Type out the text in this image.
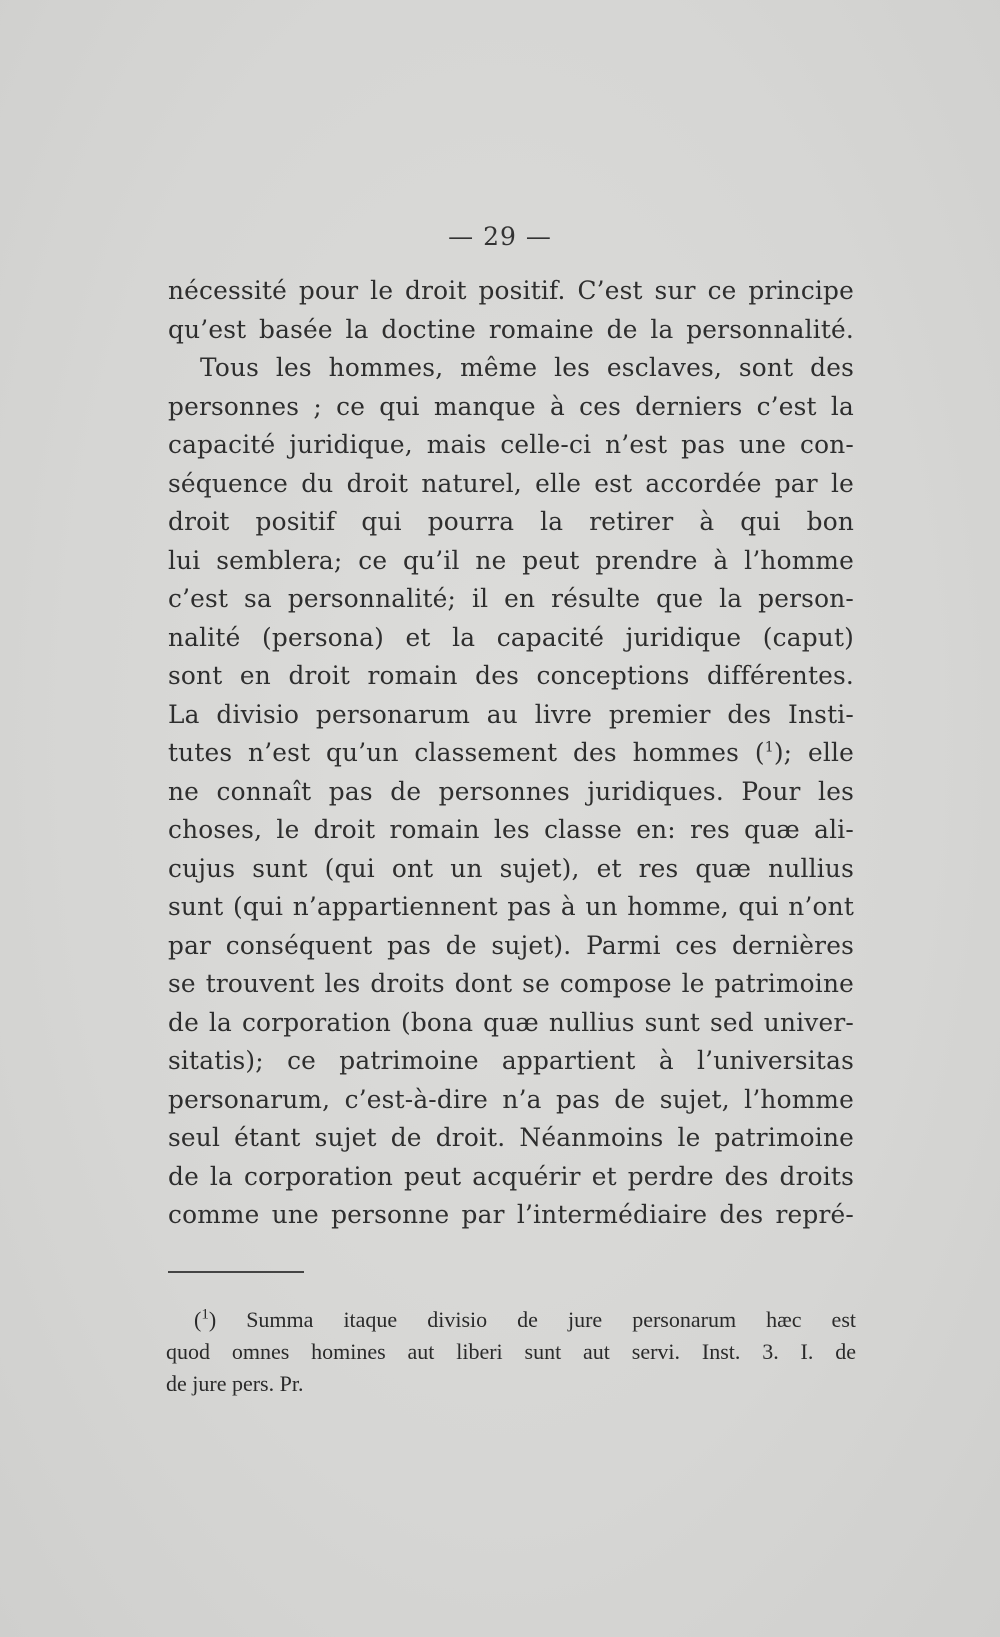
— 29 —
nécessité pour le droit positif. C’est sur ce principe
qu’est basée la doctine romaine de la personnalité.
Tous les hommes, même les esclaves, sont des
personnes ; ce qui manque à ces derniers c’est la
capacité juridique, mais celle-ci n’est pas une con-
séquence du droit naturel, elle est accordée par le
droit positif qui pourra la retirer à qui bon
lui semblera; ce qu’il ne peut prendre à l’homme
c’est sa personnalité; il en résulte que la person-
nalité (persona) et la capacité juridique (caput)
sont en droit romain des conceptions différentes.
La divisio personarum au livre premier des Insti-
tutes n’est qu’un classement des hommes ($^1$); elle
ne connaît pas de personnes juridiques. Pour les
choses, le droit romain les classe en: res quæ ali-
cujus sunt (qui ont un sujet), et res quæ nullius
sunt (qui n’appartiennent pas à un homme, qui n’ont
par conséquent pas de sujet). Parmi ces dernières
se trouvent les droits dont se compose le patrimoine
de la corporation (bona quæ nullius sunt sed univer-
sitatis); ce patrimoine appartient à l’universitas
personarum, c’est-à-dire n’a pas de sujet, l’homme
seul étant sujet de droit. Néanmoins le patrimoine
de la corporation peut acquérir et perdre des droits
comme une personne par l’intermédiaire des repré-
($^1$) Summa itaque divisio de jure personarum hæc est
quod omnes homines aut liberi sunt aut servi. Inst. 3. I. de
de jure pers. Pr.
